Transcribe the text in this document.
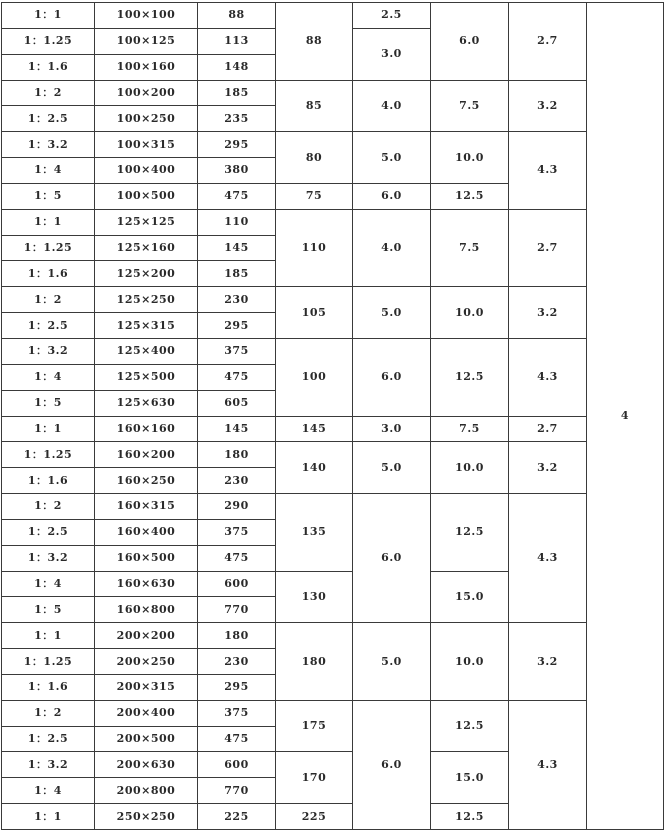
1：1	100×100	88	88	2.5	6.0	2.7	4
1：1.25	100×125	113		3.0			
1：1.6	100×160	148					
1：2	100×200	185	85	4.0	7.5	3.2	
1：2.5	100×250	235					
1：3.2	100×315	295	80	5.0	10.0	4.3	
1：4	100×400	380					
1：5	100×500	475	75	6.0	12.5		
1：1	125×125	110	110	4.0	7.5	2.7	
1：1.25	125×160	145					
1：1.6	125×200	185					
1：2	125×250	230	105	5.0	10.0	3.2	
1：2.5	125×315	295					
1：3.2	125×400	375	100	6.0	12.5	4.3	
1：4	125×500	475					
1：5	125×630	605					
1：1	160×160	145	145	3.0	7.5	2.7	
1：1.25	160×200	180	140	5.0	10.0	3.2	
1：1.6	160×250	230					
1：2	160×315	290	135	6.0	12.5	4.3	
1：2.5	160×400	375					
1：3.2	160×500	475					
1：4	160×630	600	130		15.0		
1：5	160×800	770					
1：1	200×200	180	180	5.0	10.0	3.2	
1：1.25	200×250	230					
1：1.6	200×315	295					
1：2	200×400	375	175	6.0	12.5	4.3	
1：2.5	200×500	475					
1：3.2	200×630	600	170		15.0		
1：4	200×800	770					
1：1	250×250	225	225		12.5		
